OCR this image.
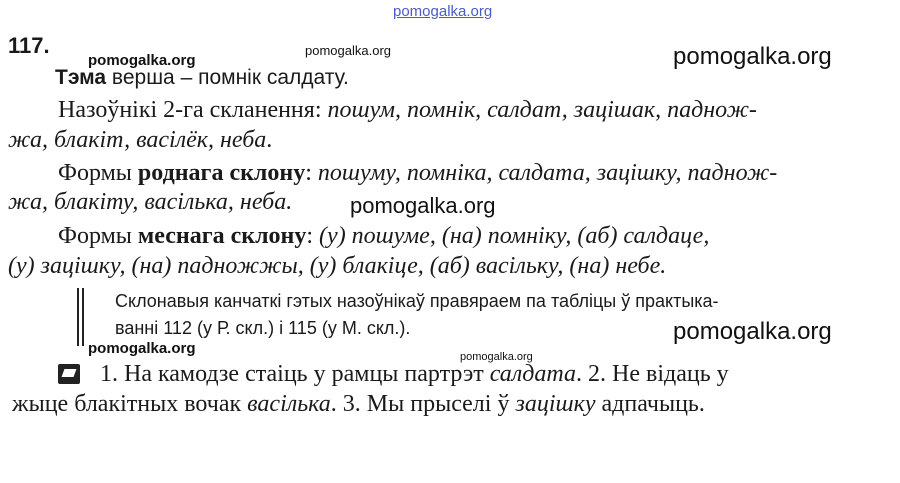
pomogalka.org
pomogalka.org
pomogalka.org	pomogalka.org
pomogalka.org
pomogalka.org
pomogalka.org	pomogalka.org
117.
Тэма верша – помнік салдату.
Назоўнікі 2-га скланення: пошум, помнік, салдат, зацішак, паднож-
жа, блакіт, васілёк, неба.
Формы роднага склону: пошуму, помніка, салдата, зацішку, паднож-
жа, блакіту, васілька, неба.
Формы меснага склону: (у) пошуме, (на) помніку, (аб) салдаце,
(у) зацішку, (на) падножжы, (у) блакіце, (аб) васільку, (на) небе.
Склонавыя канчаткі гэтых назоўнікаў правяраем па табліцы ў практыка-
ванні 112 (у Р. скл.) і 115 (у М. скл.).
1. На камодзе стаіць у рамцы партрэт салдата. 2. Не відаць у
жыце блакітных вочак васілька. 3. Мы прыселі ў зацішку адпачыць.
